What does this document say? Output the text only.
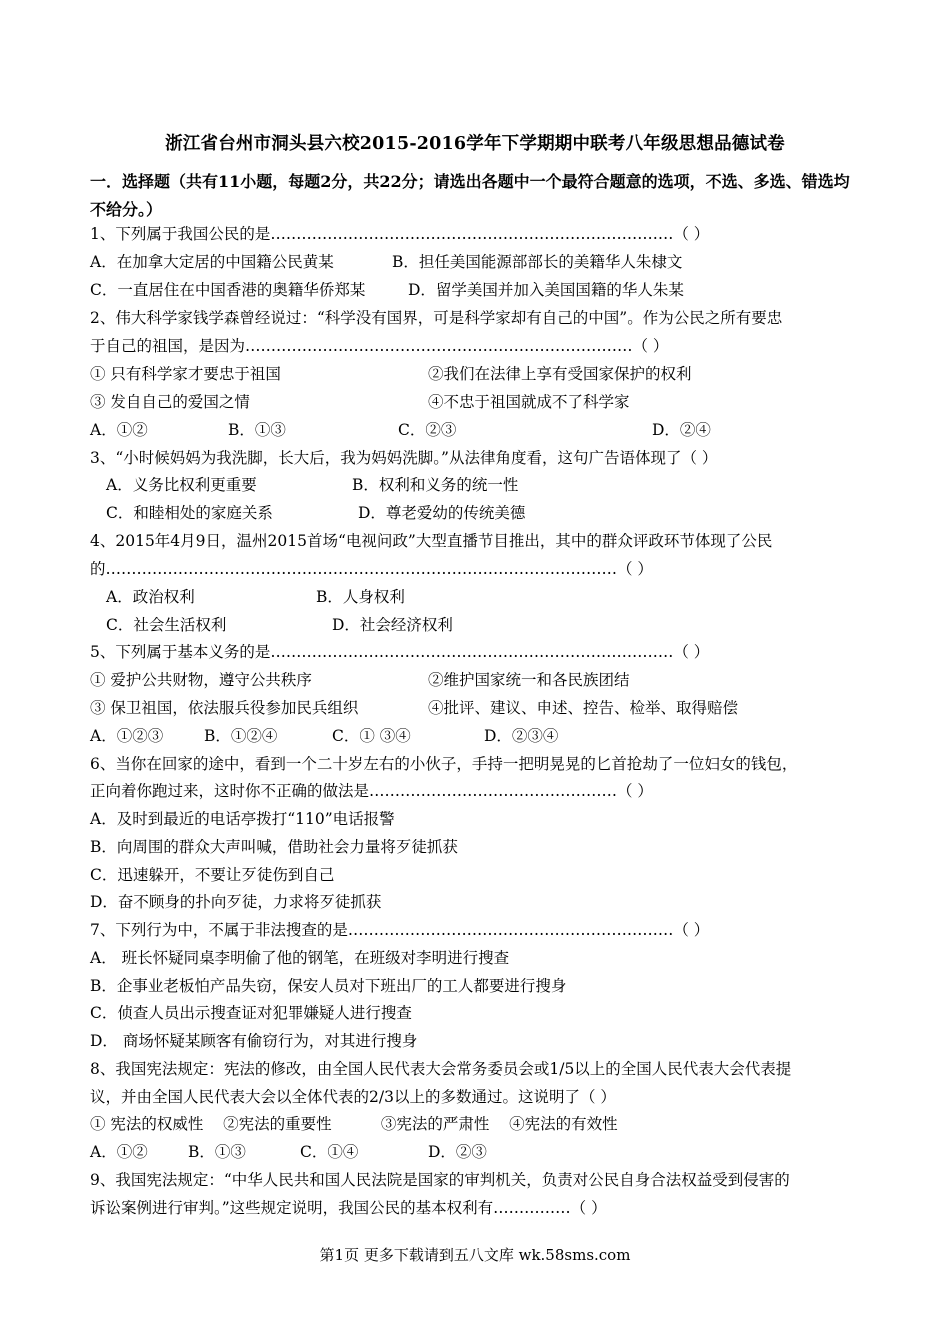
浙江省台州市洞头县六校2015-2016学年下学期期中联考八年级思想品德试卷
一．选择题（共有11小题，每题2分，共22分；请选出各题中一个最符合题意的选项，不选、多选、错选均不给分。）
1、下列属于我国公民的是……………………………………………………………………（ ）
A．在加拿大定居的中国籍公民黄某	B．担任美国能源部部长的美籍华人朱棣文
C．一直居住在中国香港的奥籍华侨郑某	D．留学美国并加入美国国籍的华人朱某
2、伟大科学家钱学森曾经说过：“科学没有国界，可是科学家却有自己的中国”。作为公民之所有要忠
于自己的祖国，是因为…………………………………………………………………（ ）
① 只有科学家才要忠于祖国	②我们在法律上享有受国家保护的权利
③ 发自自己的爱国之情	④不忠于祖国就成不了科学家
A．①②	B．①③	C．②③	D．②④
3、“小时候妈妈为我洗脚，长大后，我为妈妈洗脚。”从法律角度看，这句广告语体现了（ ）
A．义务比权利更重要	B．权利和义务的统一性
C．和睦相处的家庭关系	D．尊老爱幼的传统美德
4、2015年4月9日，温州2015首场“电视问政”大型直播节目推出，其中的群众评政环节体现了公民
的………………………………………………………………………………………（ ）
A．政治权利	B．人身权利
C．社会生活权利	D．社会经济权利
5、下列属于基本义务的是……………………………………………………………………（ ）
① 爱护公共财物，遵守公共秩序	②维护国家统一和各民族团结
③ 保卫祖国，依法服兵役参加民兵组织	④批评、建议、申述、控告、检举、取得赔偿
A．①②③	B．①②④	C．① ③④	D．②③④
6、当你在回家的途中，看到一个二十岁左右的小伙子，手持一把明晃晃的匕首抢劫了一位妇女的钱包，
正向着你跑过来，这时你不正确的做法是…………………………………………（ ）
A．及时到最近的电话亭拨打“110”电话报警
B．向周围的群众大声叫喊，借助社会力量将歹徒抓获
C．迅速躲开，不要让歹徒伤到自己
D．奋不顾身的扑向歹徒，力求将歹徒抓获
7、下列行为中，不属于非法搜查的是………………………………………………………（ ）
A． 班长怀疑同桌李明偷了他的钢笔，在班级对李明进行搜查
B．企事业老板怕产品失窃，保安人员对下班出厂的工人都要进行搜身
C．侦查人员出示搜查证对犯罪嫌疑人进行搜查
D． 商场怀疑某顾客有偷窃行为，对其进行搜身
8、我国宪法规定：宪法的修改，由全国人民代表大会常务委员会或1/5以上的全国人民代表大会代表提
议，并由全国人民代表大会以全体代表的2/3以上的多数通过。这说明了（ ）
① 宪法的权威性    ②宪法的重要性          ③宪法的严肃性    ④宪法的有效性
A．①②	B．①③	C．①④	D．②③
9、我国宪法规定：“中华人民共和国人民法院是国家的审判机关，负责对公民自身合法权益受到侵害的
诉讼案例进行审判。”这些规定说明，我国公民的基本权利有……………（ ）
第1页 更多下载请到五八文库 wk.58sms.com
